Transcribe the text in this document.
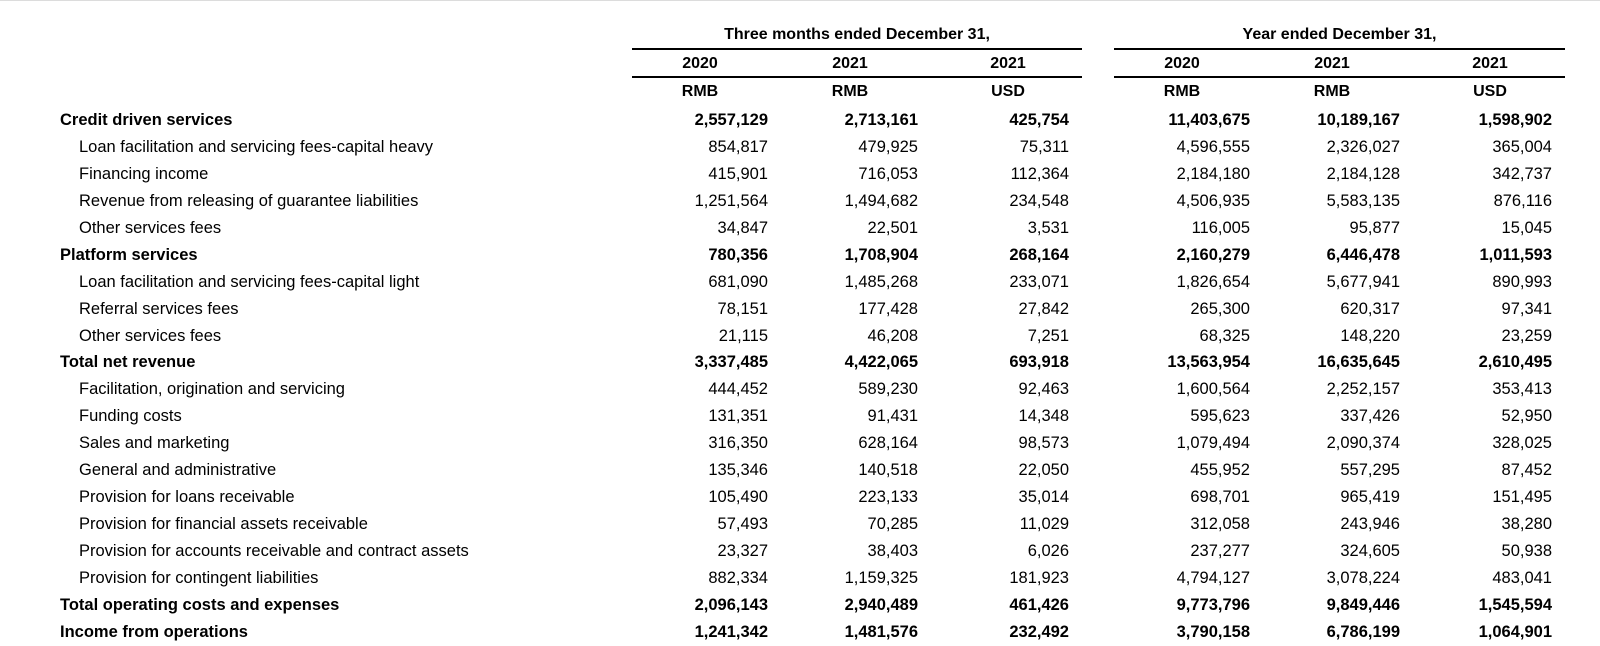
Three months ended December 31,	Year ended December 31,
2020	2021	2021	2020	2021	2021
RMB	RMB	USD	RMB	RMB	USD
Credit driven services	2,557,129	2,713,161	425,754	11,403,675	10,189,167	1,598,902
Loan facilitation and servicing fees-capital heavy	854,817	479,925	75,311	4,596,555	2,326,027	365,004
Financing income	415,901	716,053	112,364	2,184,180	2,184,128	342,737
Revenue from releasing of guarantee liabilities	1,251,564	1,494,682	234,548	4,506,935	5,583,135	876,116
Other services fees	34,847	22,501	3,531	116,005	95,877	15,045
Platform services	780,356	1,708,904	268,164	2,160,279	6,446,478	1,011,593
Loan facilitation and servicing fees-capital light	681,090	1,485,268	233,071	1,826,654	5,677,941	890,993
Referral services fees	78,151	177,428	27,842	265,300	620,317	97,341
Other services fees	21,115	46,208	7,251	68,325	148,220	23,259
Total net revenue	3,337,485	4,422,065	693,918	13,563,954	16,635,645	2,610,495
Facilitation, origination and servicing	444,452	589,230	92,463	1,600,564	2,252,157	353,413
Funding costs	131,351	91,431	14,348	595,623	337,426	52,950
Sales and marketing	316,350	628,164	98,573	1,079,494	2,090,374	328,025
General and administrative	135,346	140,518	22,050	455,952	557,295	87,452
Provision for loans receivable	105,490	223,133	35,014	698,701	965,419	151,495
Provision for financial assets receivable	57,493	70,285	11,029	312,058	243,946	38,280
Provision for accounts receivable and contract assets	23,327	38,403	6,026	237,277	324,605	50,938
Provision for contingent liabilities	882,334	1,159,325	181,923	4,794,127	3,078,224	483,041
Total operating costs and expenses	2,096,143	2,940,489	461,426	9,773,796	9,849,446	1,545,594
Income from operations	1,241,342	1,481,576	232,492	3,790,158	6,786,199	1,064,901
